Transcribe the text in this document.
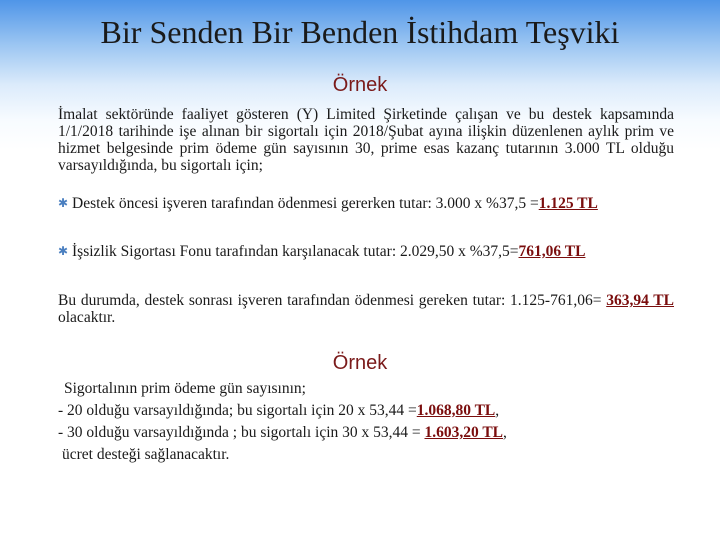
Bir Senden Bir Benden İstihdam Teşviki
Örnek
İmalat sektöründe faaliyet gösteren (Y) Limited Şirketinde çalışan ve bu destek kapsamında 1/1/2018 tarihinde işe alınan bir sigortalı için 2018/Şubat ayına ilişkin düzenlenen aylık prim ve hizmet belgesinde prim ödeme gün sayısının 30, prime esas kazanç tutarının 3.000 TL olduğu varsayıldığında, bu sigortalı için;
✱ Destek öncesi işveren tarafından ödenmesi gererken tutar: 3.000 x %37,5 =1.125 TL
✱ İşsizlik Sigortası Fonu tarafından karşılanacak tutar: 2.029,50 x %37,5=761,06 TL
Bu durumda, destek sonrası işveren tarafından ödenmesi gereken tutar: 1.125-761,06= 363,94 TL olacaktır.
Örnek
Sigortalının prim ödeme gün sayısının;
- 20 olduğu varsayıldığında; bu sigortalı için 20 x 53,44 =1.068,80 TL,
- 30 olduğu varsayıldığında ; bu sigortalı için 30 x 53,44 = 1.603,20 TL,
ücret desteği sağlanacaktır.
